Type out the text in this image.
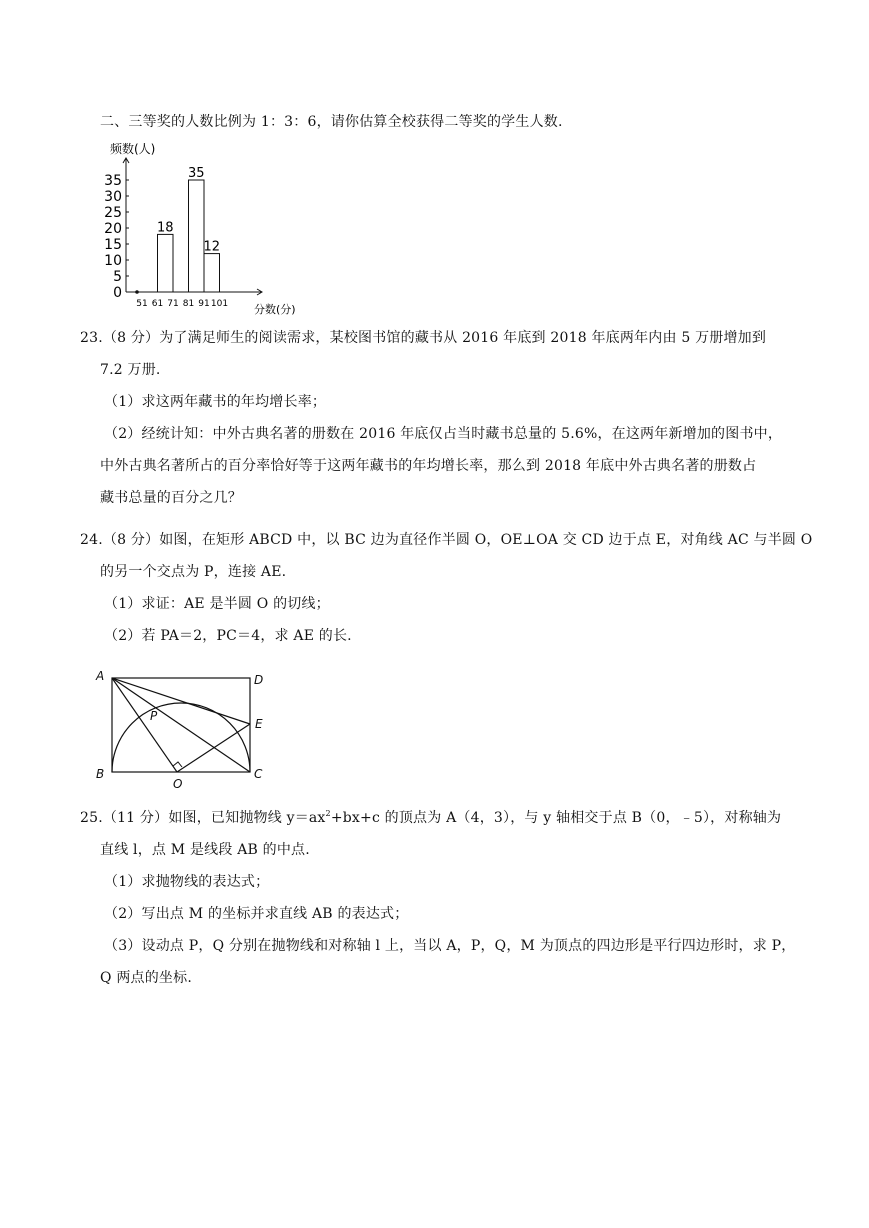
二、三等奖的人数比例为 1：3：6，请你估算全校获得二等奖的学生人数.
0
5
10
15
20
25
30
35
51 61 71 81 91 101
18
35
12
频数(人)
分数(分)
23.（8 分）为了满足师生的阅读需求，某校图书馆的藏书从 2016 年底到 2018 年底两年内由 5 万册增加到
7.2 万册.
（1）求这两年藏书的年均增长率；
（2）经统计知：中外古典名著的册数在 2016 年底仅占当时藏书总量的 5.6%，在这两年新增加的图书中，
中外古典名著所占的百分率恰好等于这两年藏书的年均增长率，那么到 2018 年底中外古典名著的册数占
藏书总量的百分之几？
24.（8 分）如图，在矩形 ABCD 中，以 BC 边为直径作半圆 O，OE⊥OA 交 CD 边于点 E，对角线 AC 与半圆 O
的另一个交点为 P，连接 AE.
（1）求证：AE 是半圆 O 的切线；
（2）若 PA＝2，PC＝4，求 AE 的长.
A	D
E
B	C
O
P
25.（11 分）如图，已知抛物线 $y=ax^2+bx+c$ 的顶点为 A（4，3），与 y 轴相交于点 B（0，﹣5），对称轴为
直线 l，点 M 是线段 AB 的中点.
（1）求抛物线的表达式；
（2）写出点 M 的坐标并求直线 AB 的表达式；
（3）设动点 P，Q 分别在抛物线和对称轴 l 上，当以 A，P，Q，M 为顶点的四边形是平行四边形时，求 P，
Q 两点的坐标.
